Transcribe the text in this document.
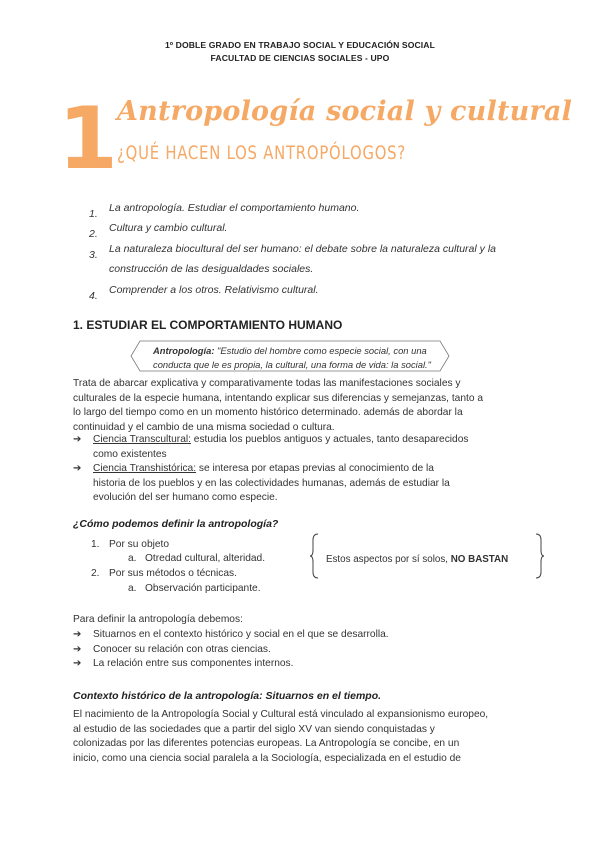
1º DOBLE GRADO EN TRABAJO SOCIAL Y EDUCACIÓN SOCIAL
FACULTAD DE CIENCIAS SOCIALES - UPO
1 Antropología social y cultural
¿QUÉ HACEN LOS ANTROPÓLOGOS?
1. La antropología. Estudiar el comportamiento humano.
2. Cultura y cambio cultural.
3. La naturaleza biocultural del ser humano: el debate sobre la naturaleza cultural y la
construcción de las desigualdades sociales.
4. Comprender a los otros. Relativismo cultural.
1. ESTUDIAR EL COMPORTAMIENTO HUMANO
Antropología: "Estudio del hombre como especie social, con una
conducta que le es propia, la cultural, una forma de vida: la social."
Trata de abarcar explicativa y comparativamente todas las manifestaciones sociales y
culturales de la especie humana, intentando explicar sus diferencias y semejanzas, tanto a
lo largo del tiempo como en un momento histórico determinado. además de abordar la
continuidad y el cambio de una misma sociedad o cultura.
➔ Ciencia Transcultural: estudia los pueblos antiguos y actuales, tanto desaparecidos
como existentes
➔ Ciencia Transhistórica: se interesa por etapas previas al conocimiento de la
historia de los pueblos y en las colectividades humanas, además de estudiar la
evolución del ser humano como especie.
¿Cómo podemos definir la antropología?
1. Por su objeto
a. Otredad cultural, alteridad.
2. Por sus métodos o técnicas.
a. Observación participante.
Estos aspectos por sí solos, NO BASTAN
Para definir la antropología debemos:
➔ Situarnos en el contexto histórico y social en el que se desarrolla.
➔ Conocer su relación con otras ciencias.
➔ La relación entre sus componentes internos.
Contexto histórico de la antropología: Situarnos en el tiempo.
El nacimiento de la Antropología Social y Cultural está vinculado al expansionismo europeo,
al estudio de las sociedades que a partir del siglo XV van siendo conquistadas y
colonizadas por las diferentes potencias europeas. La Antropología se concibe, en un
inicio, como una ciencia social paralela a la Sociología, especializada en el estudio de
